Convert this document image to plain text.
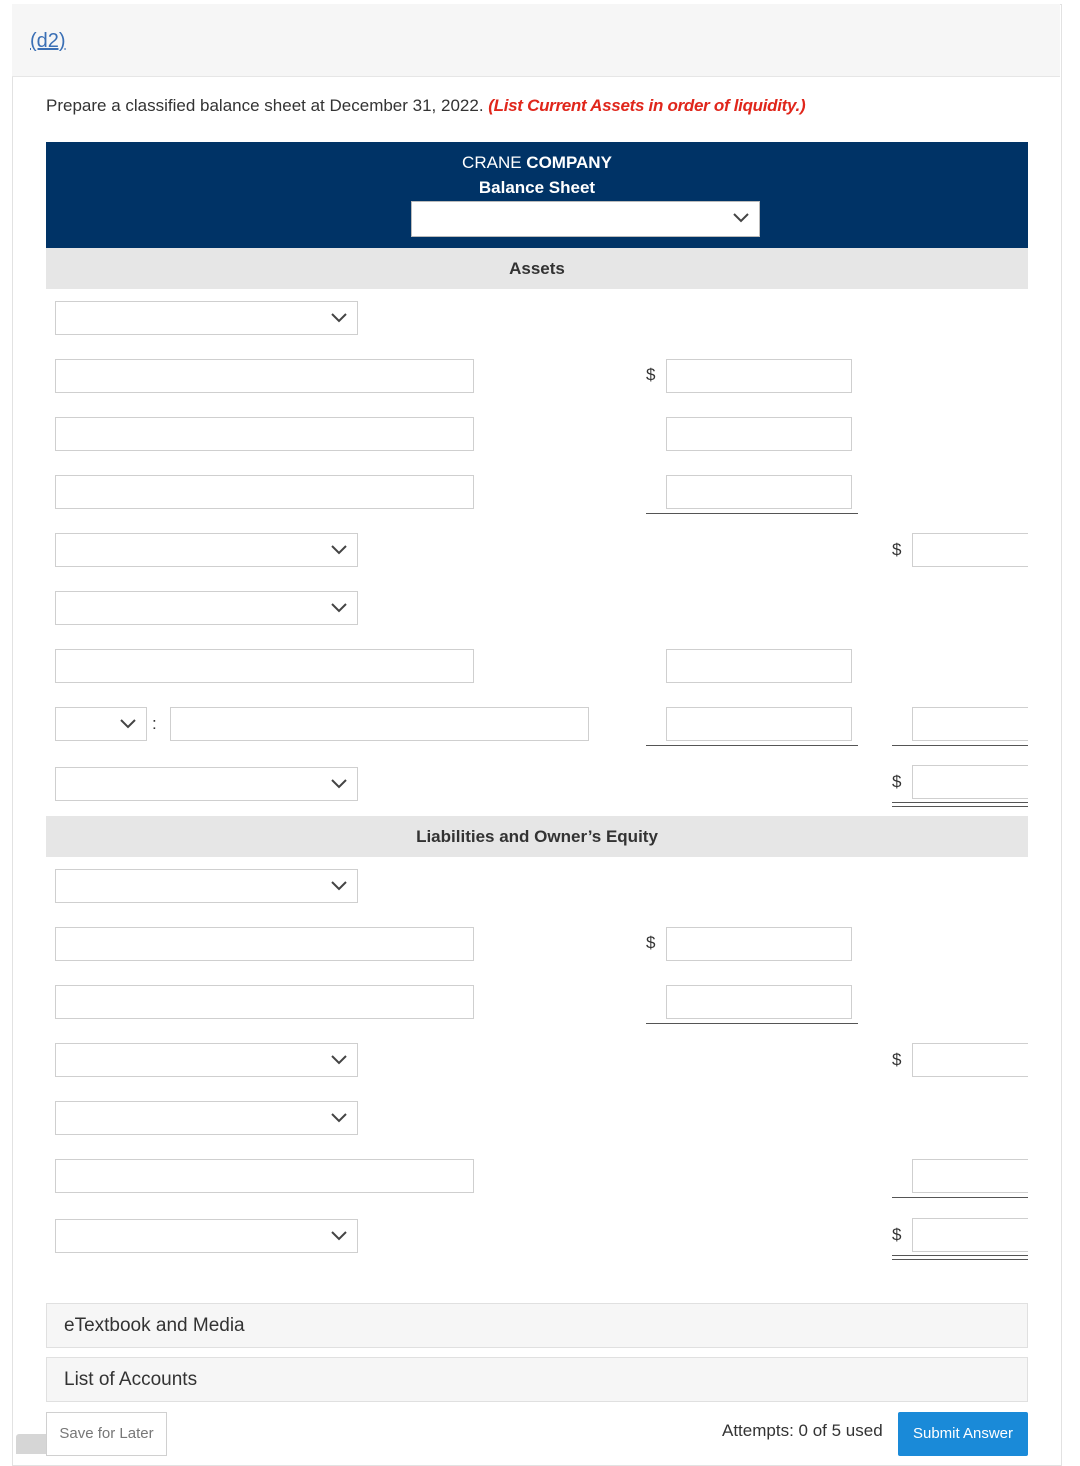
(d2)
Prepare a classified balance sheet at December 31, 2022. (List Current Assets in order of liquidity.)
CRANE COMPANY
Balance Sheet
Assets
$
$
:
$
Liabilities and Owner’s Equity
$
$
$
eTextbook and Media
List of Accounts
Save for Later	Attempts: 0 of 5 used	Submit Answer
